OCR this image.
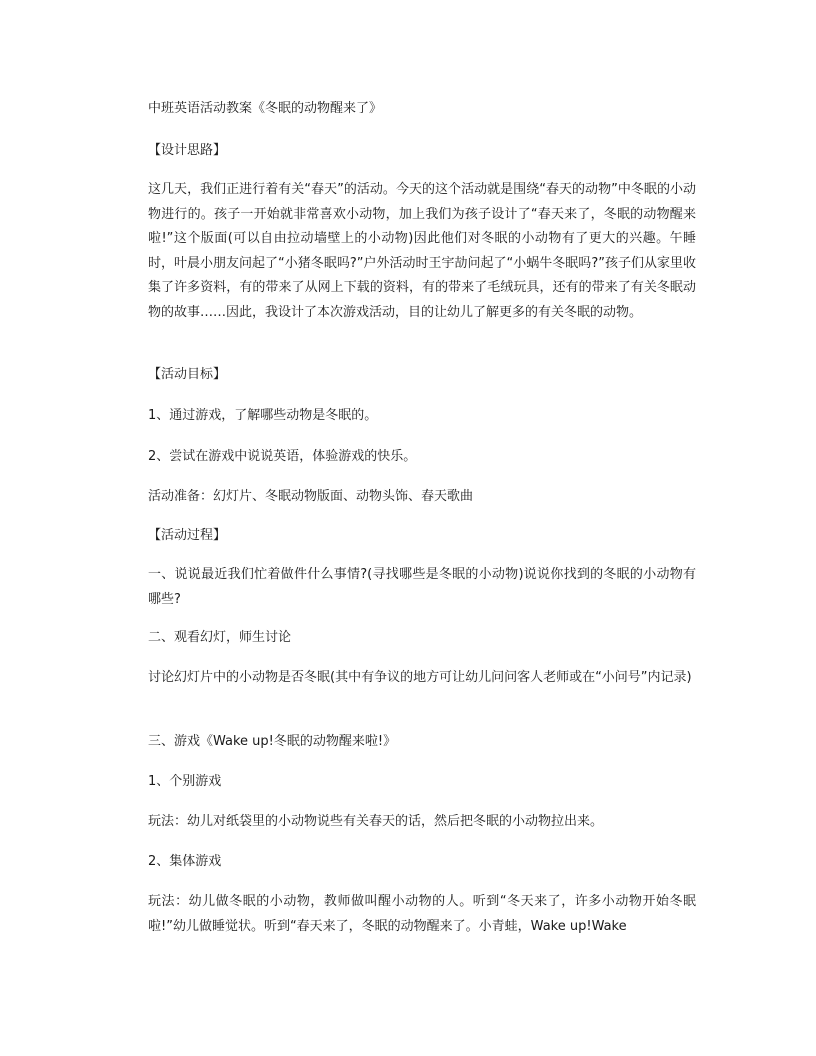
中班英语活动教案《冬眠的动物醒来了》
【设计思路】
这几天，我们正进行着有关“春天”的活动。今天的这个活动就是围绕“春天的动物”中冬眠的小动物进行的。孩子一开始就非常喜欢小动物，加上我们为孩子设计了“春天来了，冬眠的动物醒来啦!”这个版面(可以自由拉动墙壁上的小动物)因此他们对冬眠的小动物有了更大的兴趣。午睡时，叶晨小朋友问起了“小猪冬眠吗?”户外活动时王宇劼问起了“小蜗牛冬眠吗?”孩子们从家里收集了许多资料，有的带来了从网上下载的资料，有的带来了毛绒玩具，还有的带来了有关冬眠动物的故事……因此，我设计了本次游戏活动，目的让幼儿了解更多的有关冬眠的动物。
【活动目标】
1、通过游戏，了解哪些动物是冬眠的。
2、尝试在游戏中说说英语，体验游戏的快乐。
活动准备：幻灯片、冬眠动物版面、动物头饰、春天歌曲
【活动过程】
一、说说最近我们忙着做件什么事情?(寻找哪些是冬眠的小动物)说说你找到的冬眠的小动物有哪些?
二、观看幻灯，师生讨论
讨论幻灯片中的小动物是否冬眠(其中有争议的地方可让幼儿问问客人老师或在“小问号”内记录)
三、游戏《Wake up!冬眠的动物醒来啦!》
1、个别游戏
玩法：幼儿对纸袋里的小动物说些有关春天的话，然后把冬眠的小动物拉出来。
2、集体游戏
玩法：幼儿做冬眠的小动物，教师做叫醒小动物的人。听到“冬天来了，许多小动物开始冬眠啦!”幼儿做睡觉状。听到“春天来了，冬眠的动物醒来了。小青蛙，Wake up!Wake
